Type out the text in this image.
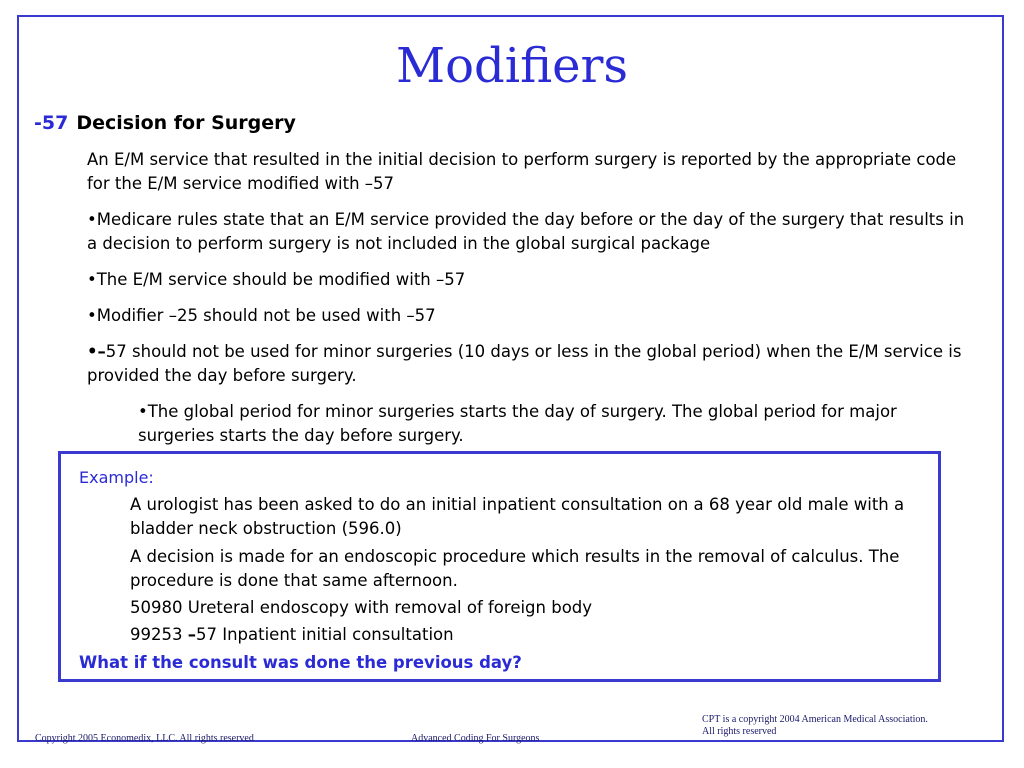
Modifiers
-57 Decision for Surgery
An E/M service that resulted in the initial decision to perform surgery is reported by the appropriate code for the E/M service modified with –57
•Medicare rules state that an E/M service provided the day before or the day of the surgery that results in a decision to perform surgery is not included in the global surgical package
•The E/M service should be modified with –57
•Modifier –25 should not be used with –57
•–57 should not be used for minor surgeries (10 days or less in the global period) when the E/M service is provided the day before surgery.
•The global period for minor surgeries starts the day of surgery. The global period for major surgeries starts the day before surgery.
Example:
A urologist has been asked to do an initial inpatient consultation on a 68 year old male with a bladder neck obstruction (596.0)
A decision is made for an endoscopic procedure which results in the removal of calculus. The procedure is done that same afternoon.
50980 Ureteral endoscopy with removal of foreign body
99253 –57 Inpatient initial consultation
What if the consult was done the previous day?
Copyright 2005 Economedix, LLC. All rights reserved	Advanced Coding For Surgeons
CPT is a copyright 2004 American Medical Association.
All rights reserved
